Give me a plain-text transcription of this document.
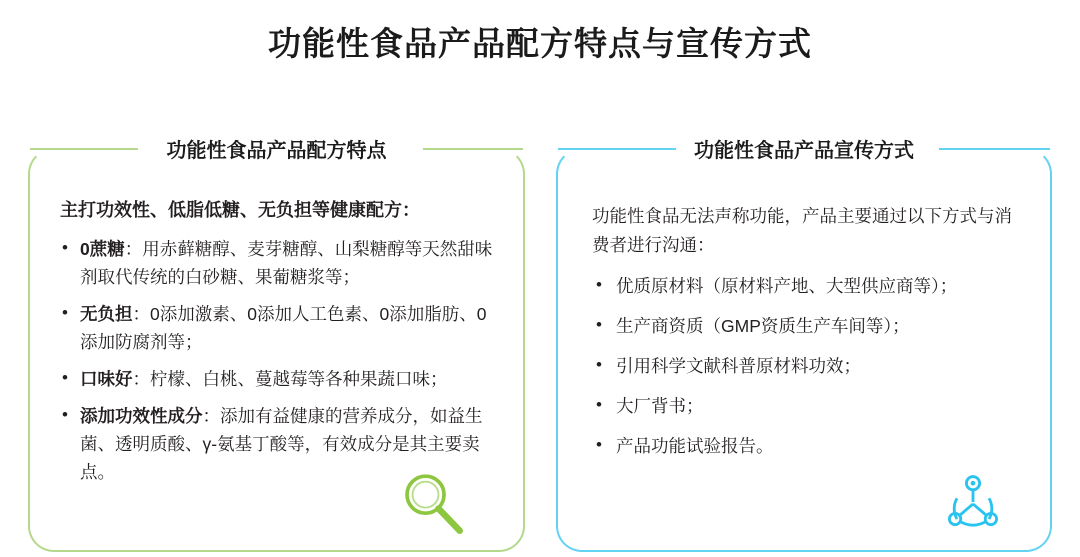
功能性食品产品配方特点与宣传方式
功能性食品产品配方特点

主打功效性、低脂低糖、无负担等健康配方：

• 0蔗糖：用赤藓糖醇、麦芽糖醇、山梨糖醇等天然甜味剂取代传统的白砂糖、果葡糖浆等；
• 无负担：0添加激素、0添加人工色素、0添加脂肪、0添加防腐剂等；
• 口味好：柠檬、白桃、蔓越莓等各种果蔬口味；
• 添加功效性成分：添加有益健康的营养成分，如益生菌、透明质酸、γ-氨基丁酸等，有效成分是其主要卖点。
功能性食品产品宣传方式

功能性食品无法声称功能，产品主要通过以下方式与消费者进行沟通：

• 优质原材料（原材料产地、大型供应商等）；
• 生产商资质（GMP资质生产车间等）；
• 引用科学文献科普原材料功效；
• 大厂背书；
• 产品功能试验报告。
